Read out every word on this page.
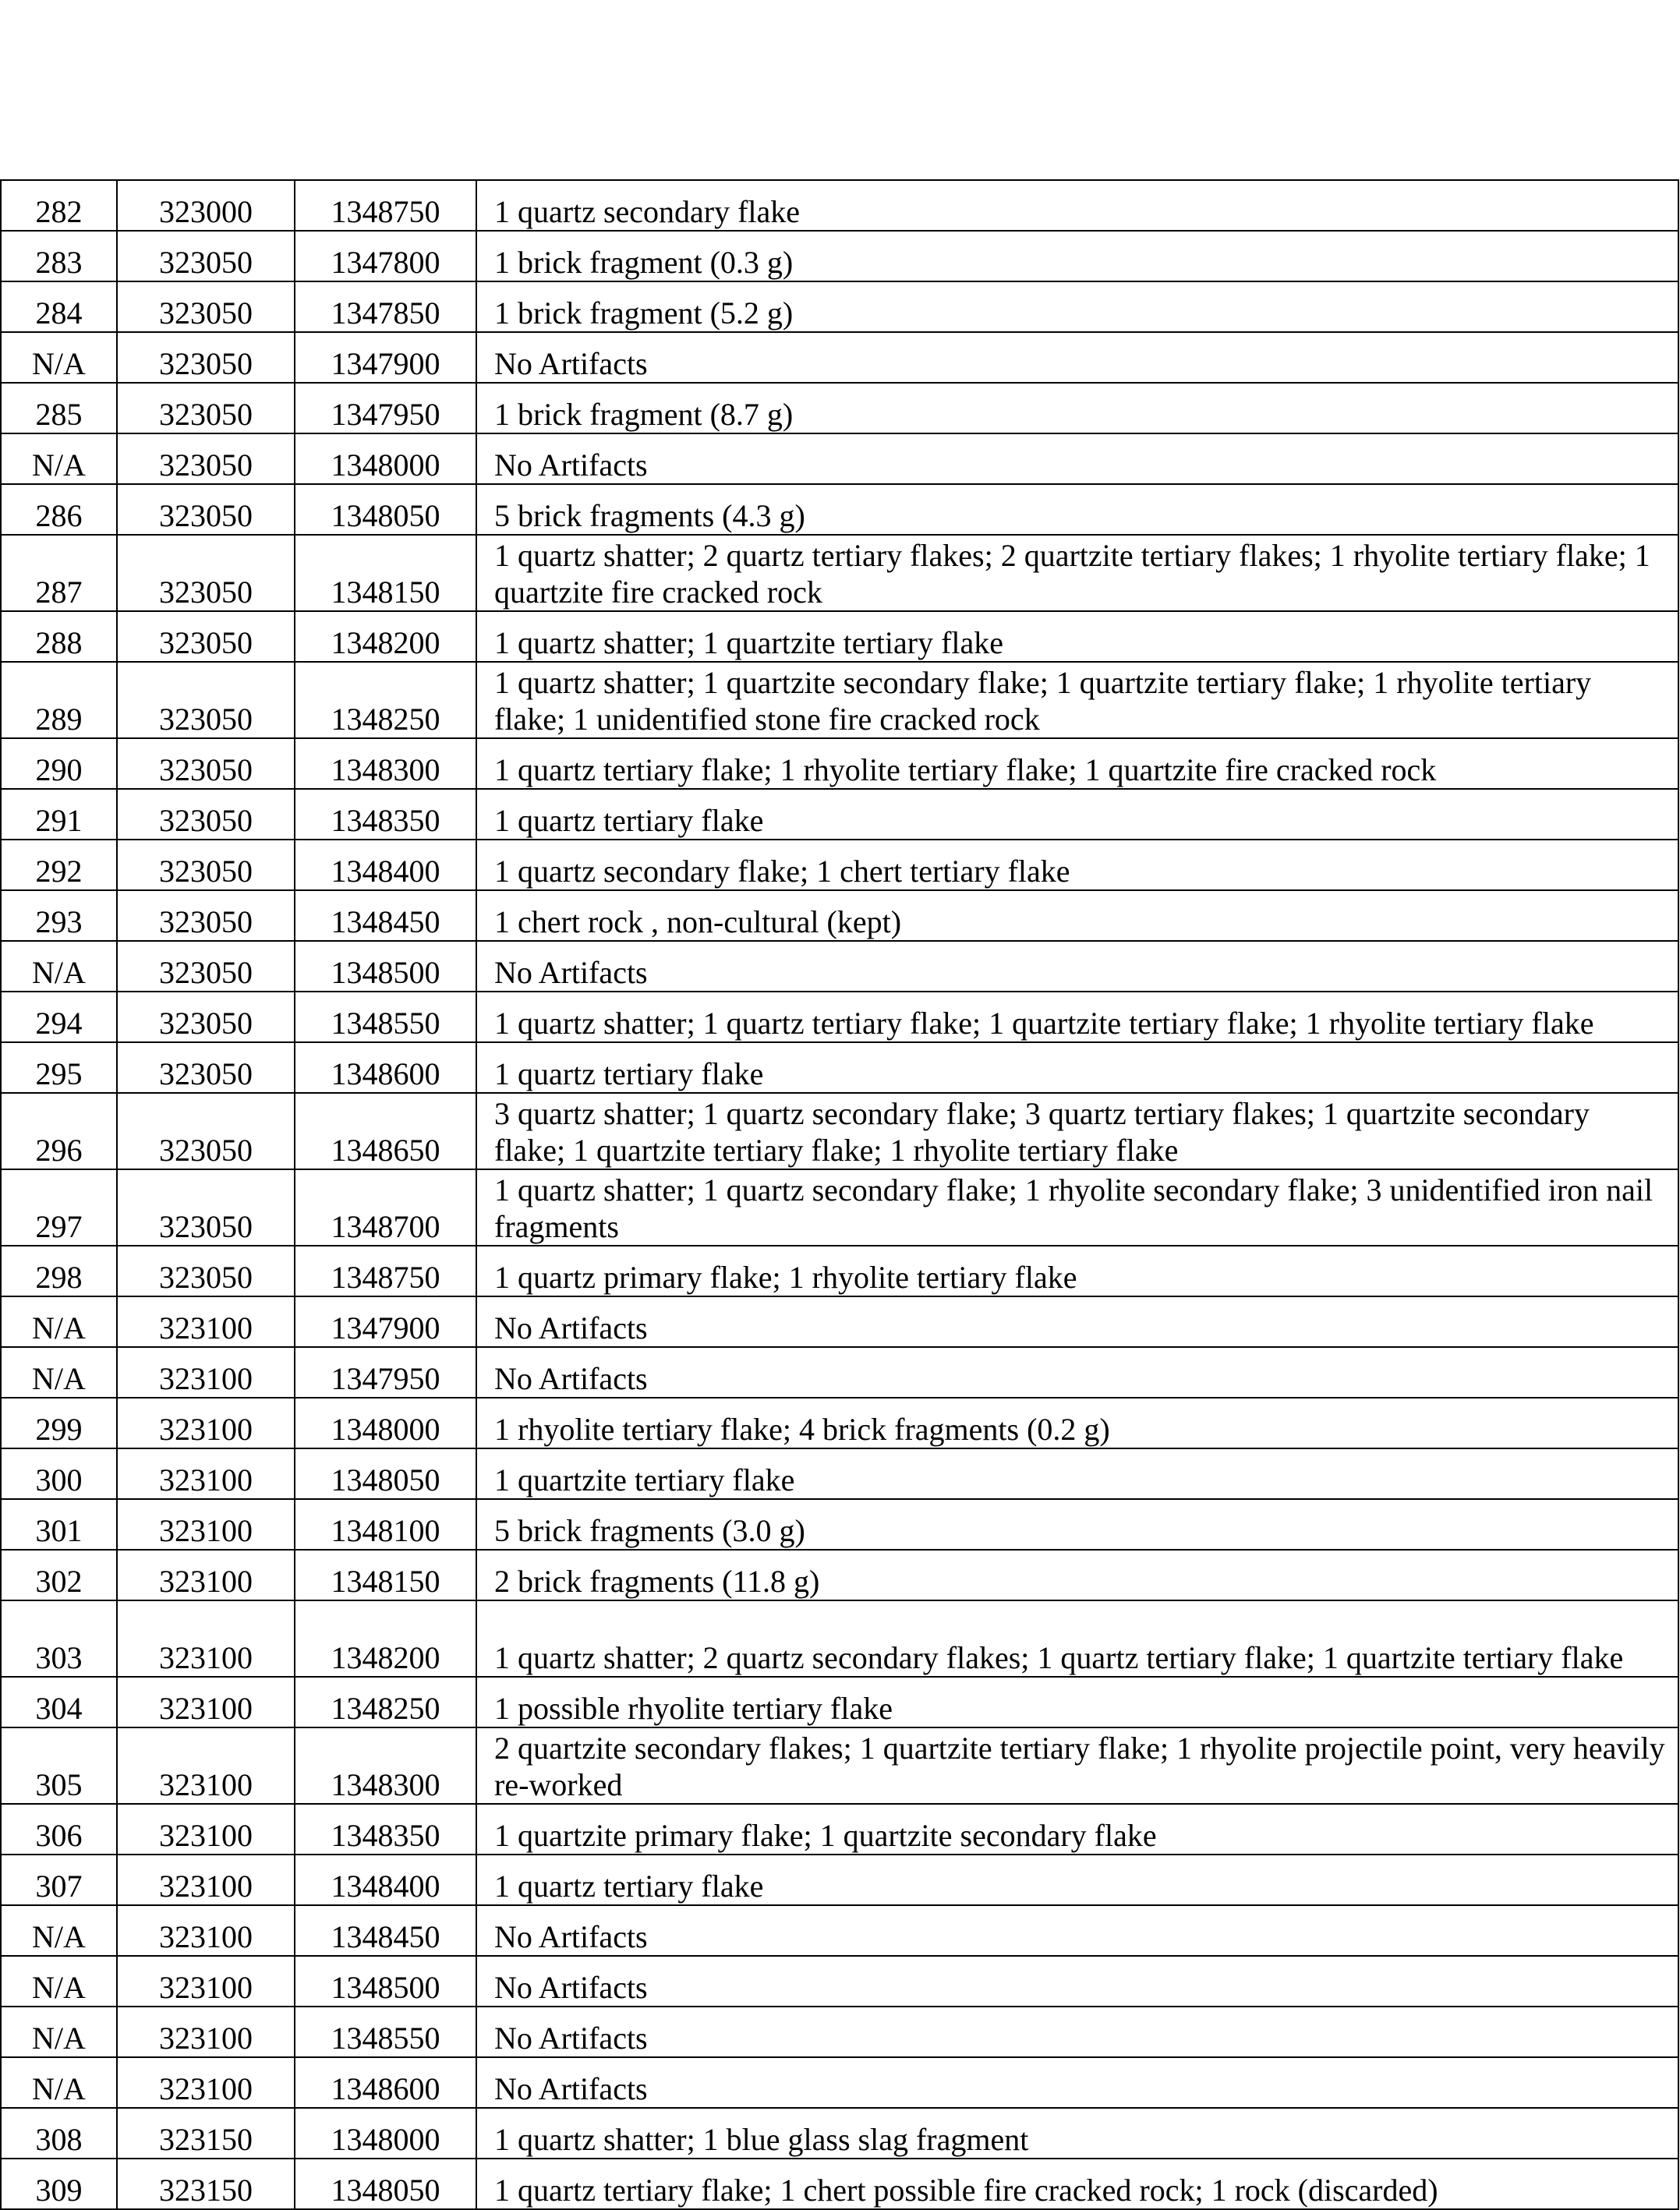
282	323000	1348750	1 quartz secondary flake
283	323050	1347800	1 brick fragment (0.3 g)
284	323050	1347850	1 brick fragment (5.2 g)
N/A	323050	1347900	No Artifacts
285	323050	1347950	1 brick fragment (8.7 g)
N/A	323050	1348000	No Artifacts
286	323050	1348050	5 brick fragments (4.3 g)
287	323050	1348150	1 quartz shatter; 2 quartz tertiary flakes; 2 quartzite tertiary flakes; 1 rhyolite tertiary flake; 1 quartzite fire cracked rock
288	323050	1348200	1 quartz shatter; 1 quartzite tertiary flake
289	323050	1348250	1 quartz shatter; 1 quartzite secondary flake; 1 quartzite tertiary flake; 1 rhyolite tertiary flake; 1 unidentified stone fire cracked rock
290	323050	1348300	1 quartz tertiary flake; 1 rhyolite tertiary flake; 1 quartzite fire cracked rock
291	323050	1348350	1 quartz tertiary flake
292	323050	1348400	1 quartz secondary flake; 1 chert tertiary flake
293	323050	1348450	1 chert rock , non-cultural (kept)
N/A	323050	1348500	No Artifacts
294	323050	1348550	1 quartz shatter; 1 quartz tertiary flake; 1 quartzite tertiary flake; 1 rhyolite tertiary flake
295	323050	1348600	1 quartz tertiary flake
296	323050	1348650	3 quartz shatter; 1 quartz secondary flake; 3 quartz tertiary flakes; 1 quartzite secondary flake; 1 quartzite tertiary flake; 1 rhyolite tertiary flake
297	323050	1348700	1 quartz shatter; 1 quartz secondary flake; 1 rhyolite secondary flake; 3 unidentified iron nail fragments
298	323050	1348750	1 quartz primary flake; 1 rhyolite tertiary flake
N/A	323100	1347900	No Artifacts
N/A	323100	1347950	No Artifacts
299	323100	1348000	1 rhyolite tertiary flake; 4 brick fragments (0.2 g)
300	323100	1348050	1 quartzite tertiary flake
301	323100	1348100	5 brick fragments (3.0 g)
302	323100	1348150	2 brick fragments (11.8 g)
303	323100	1348200	1 quartz shatter; 2 quartz secondary flakes; 1 quartz tertiary flake; 1 quartzite tertiary flake
304	323100	1348250	1 possible rhyolite tertiary flake
305	323100	1348300	2 quartzite secondary flakes; 1 quartzite tertiary flake; 1 rhyolite projectile point, very heavily re-worked
306	323100	1348350	1 quartzite primary flake; 1 quartzite secondary flake
307	323100	1348400	1 quartz tertiary flake
N/A	323100	1348450	No Artifacts
N/A	323100	1348500	No Artifacts
N/A	323100	1348550	No Artifacts
N/A	323100	1348600	No Artifacts
308	323150	1348000	1 quartz shatter; 1 blue glass slag fragment
309	323150	1348050	1 quartz tertiary flake; 1 chert possible fire cracked rock; 1 rock (discarded)
